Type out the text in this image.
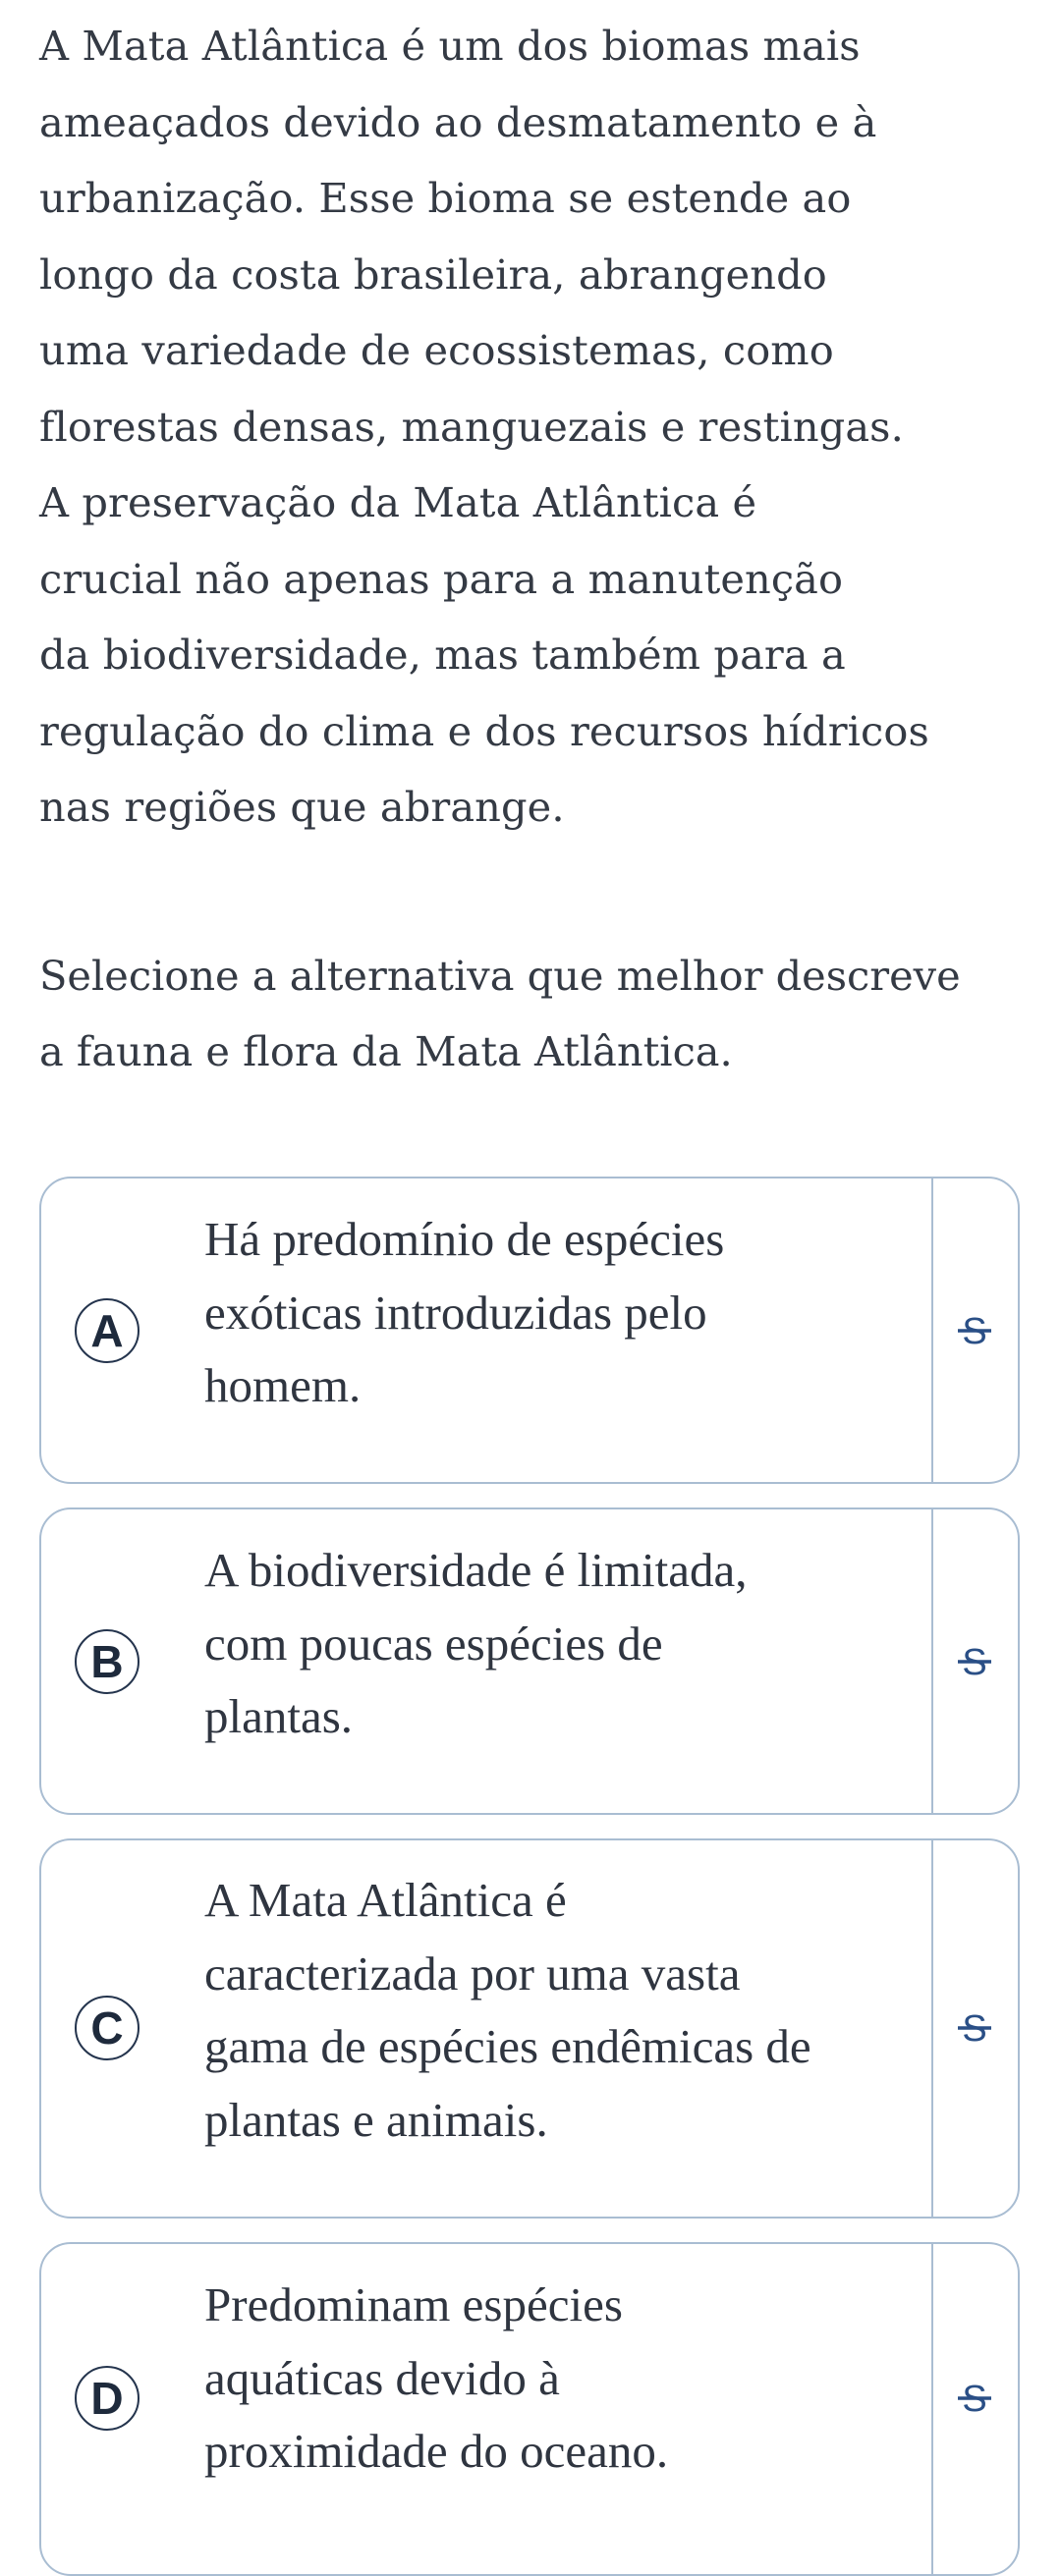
A Mata Atlântica é um dos biomas mais
ameaçados devido ao desmatamento e à
urbanização. Esse bioma se estende ao
longo da costa brasileira, abrangendo
uma variedade de ecossistemas, como
florestas densas, manguezais e restingas.
A preservação da Mata Atlântica é
crucial não apenas para a manutenção
da biodiversidade, mas também para a
regulação do clima e dos recursos hídricos
nas regiões que abrange.
Selecione a alternativa que melhor descreve
a fauna e flora da Mata Atlântica.
A
Há predomínio de espécies
exóticas introduzidas pelo
homem.
S
B
A biodiversidade é limitada,
com poucas espécies de
plantas.
S
C
A Mata Atlântica é
caracterizada por uma vasta
gama de espécies endêmicas de
plantas e animais.
S
D
Predominam espécies
aquáticas devido à
proximidade do oceano.
S
